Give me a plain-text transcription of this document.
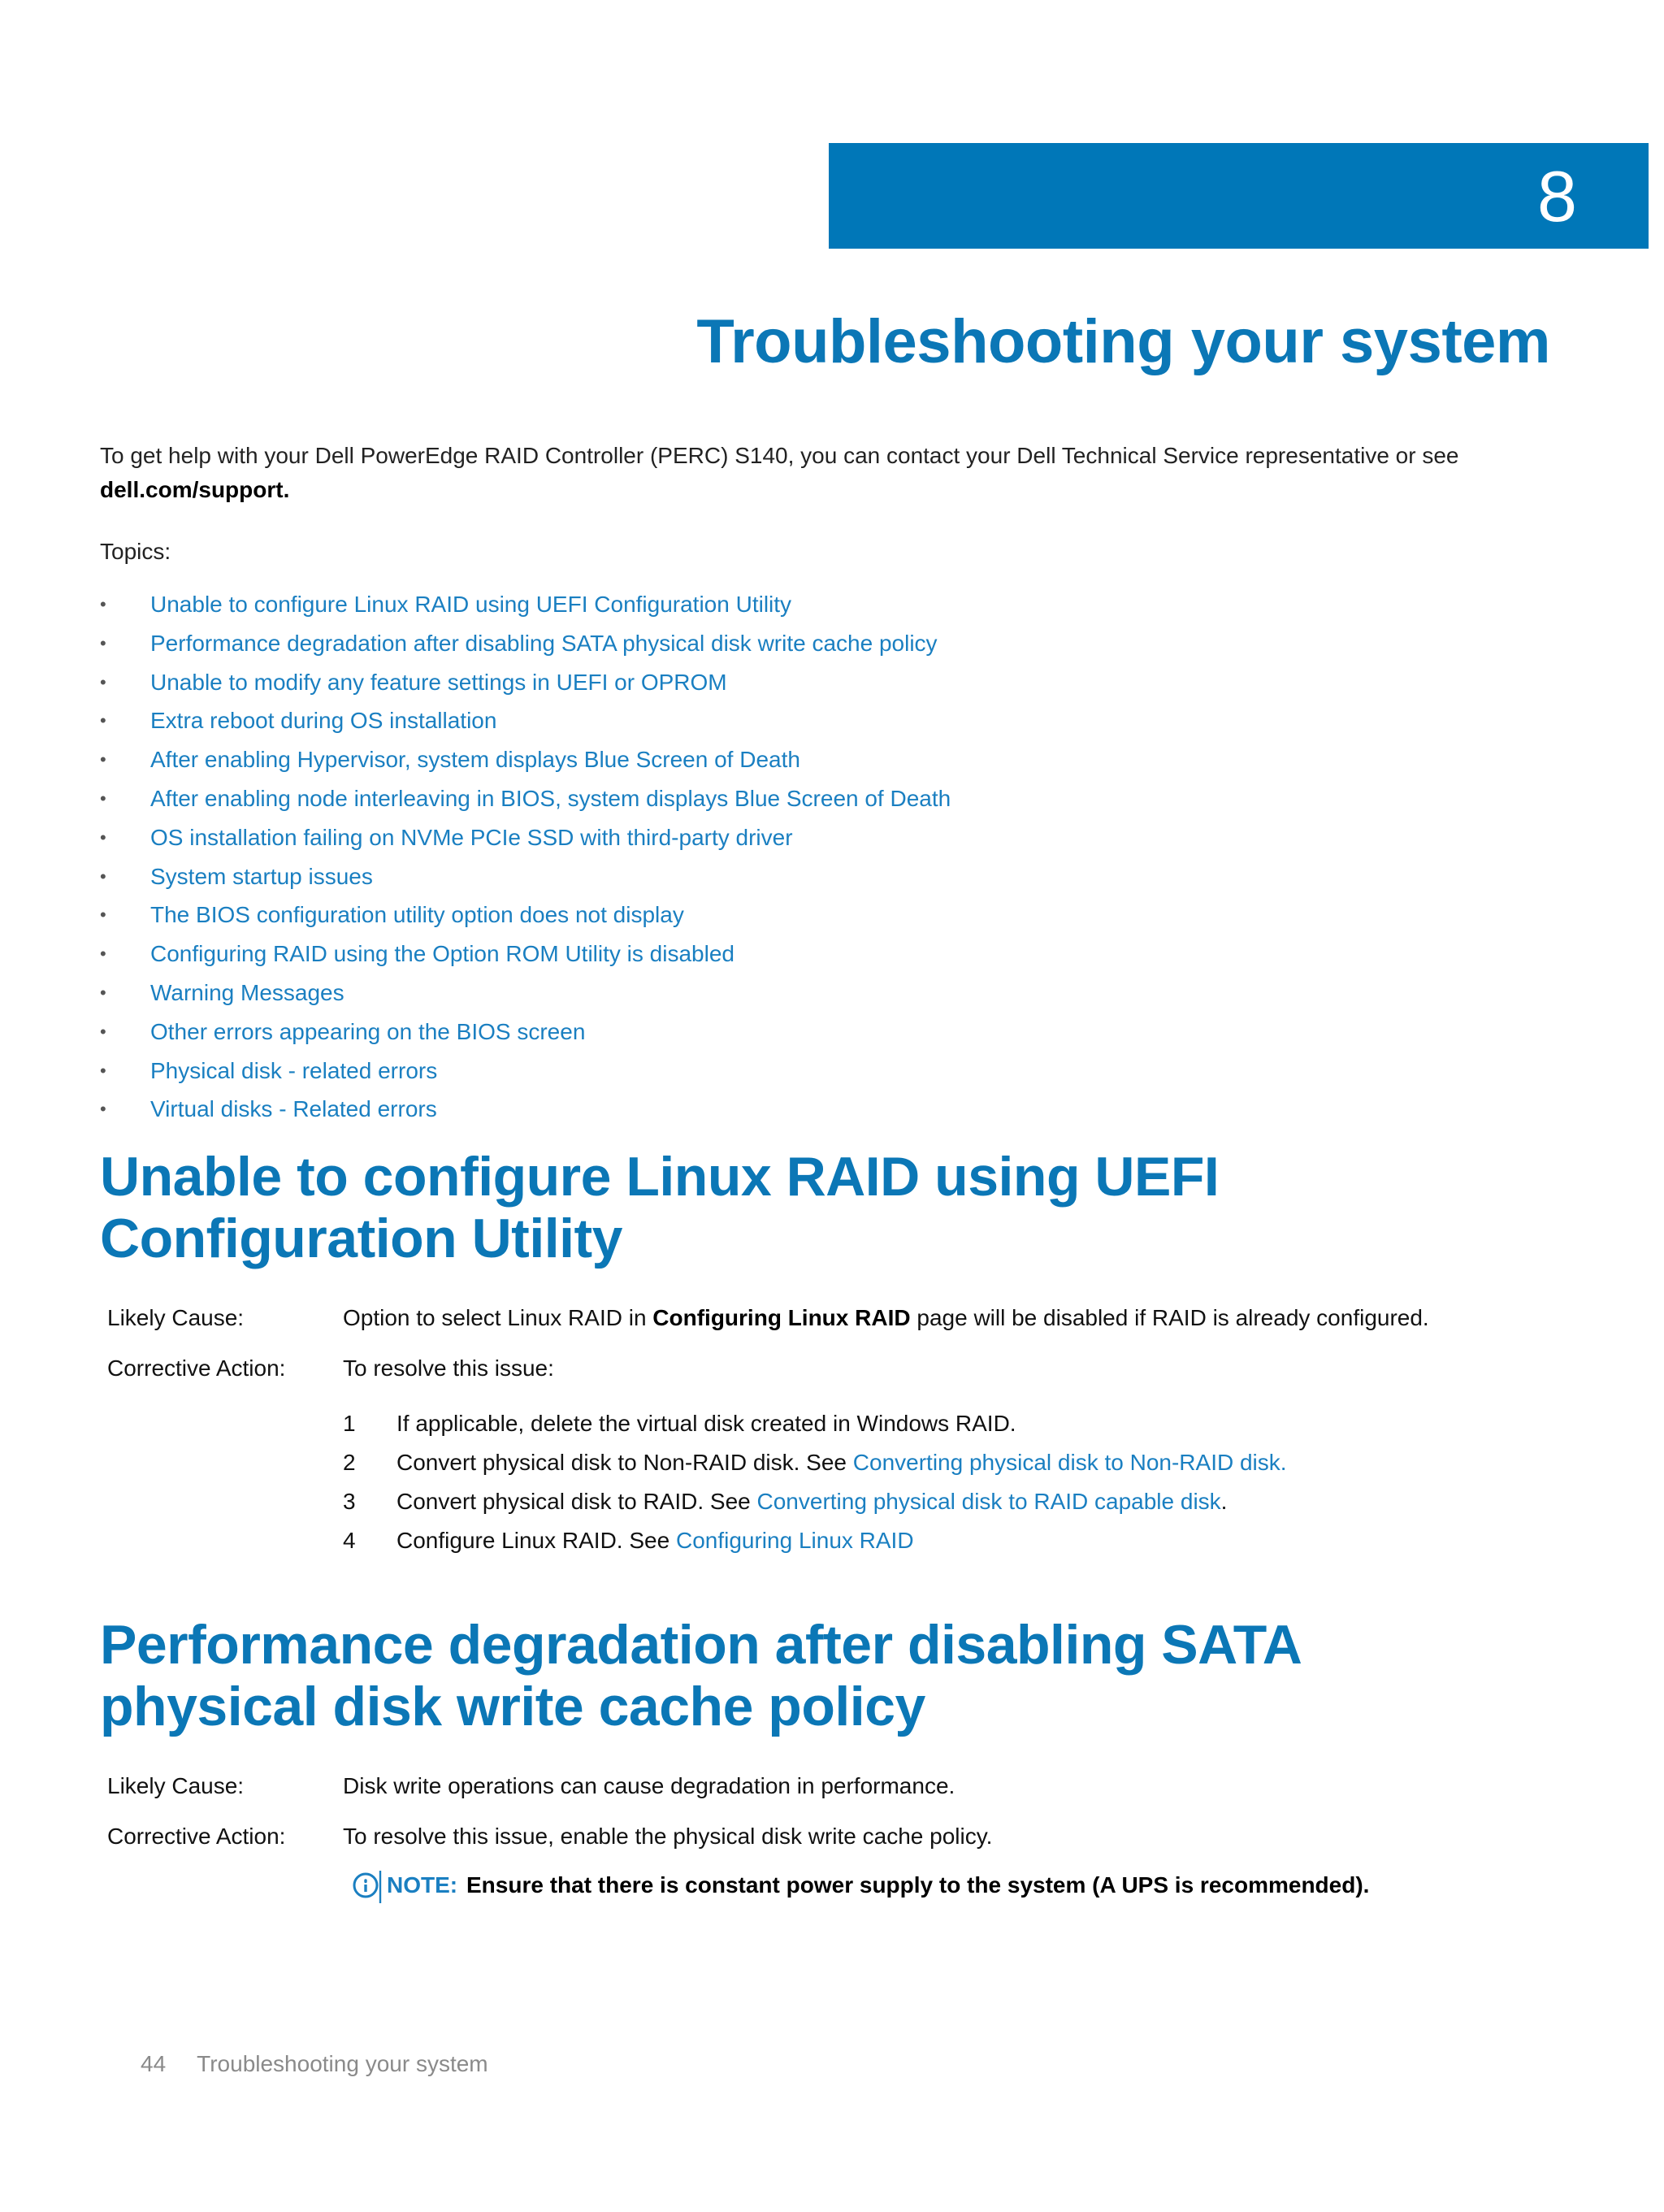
8
Troubleshooting your system
To get help with your Dell PowerEdge RAID Controller (PERC) S140, you can contact your Dell Technical Service representative or see
dell.com/support.
Topics:
• Unable to configure Linux RAID using UEFI Configuration Utility
• Performance degradation after disabling SATA physical disk write cache policy
• Unable to modify any feature settings in UEFI or OPROM
• Extra reboot during OS installation
• After enabling Hypervisor, system displays Blue Screen of Death
• After enabling node interleaving in BIOS, system displays Blue Screen of Death
• OS installation failing on NVMe PCIe SSD with third-party driver
• System startup issues
• The BIOS configuration utility option does not display
• Configuring RAID using the Option ROM Utility is disabled
• Warning Messages
• Other errors appearing on the BIOS screen
• Physical disk - related errors
• Virtual disks - Related errors
Unable to configure Linux RAID using UEFI
Configuration Utility
Likely Cause:	Option to select Linux RAID in Configuring Linux RAID page will be disabled if RAID is already configured.
Corrective Action:	To resolve this issue:
1 If applicable, delete the virtual disk created in Windows RAID.
2 Convert physical disk to Non-RAID disk. See Converting physical disk to Non-RAID disk.
3 Convert physical disk to RAID. See Converting physical disk to RAID capable disk.
4 Configure Linux RAID. See Configuring Linux RAID
Performance degradation after disabling SATA
physical disk write cache policy
Likely Cause:	Disk write operations can cause degradation in performance.
Corrective Action:	To resolve this issue, enable the physical disk write cache policy.
NOTE: Ensure that there is constant power supply to the system (A UPS is recommended).
44 Troubleshooting your system
